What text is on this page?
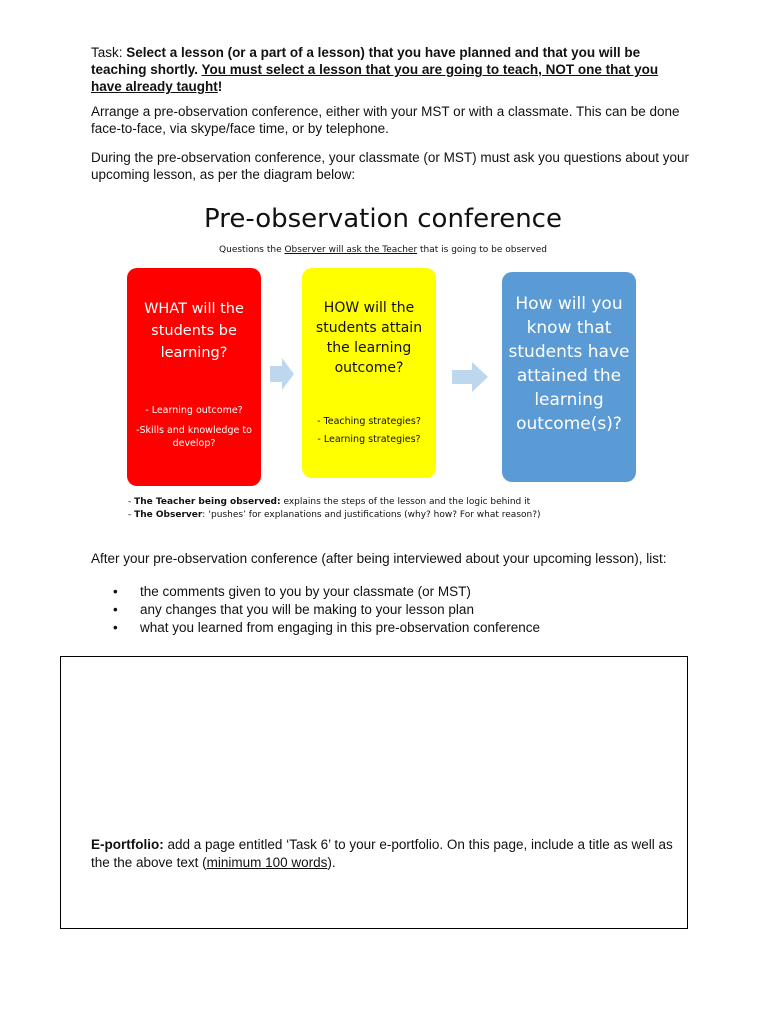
Task: Select a lesson (or a part of a lesson) that you have planned and that you will be teaching shortly. You must select a lesson that you are going to teach, NOT one that you have already taught!

Arrange a pre-observation conference, either with your MST or with a classmate. This can be done face-to-face, via skype/face time, or by telephone.

During the pre-observation conference, your classmate (or MST) must ask you questions about your upcoming lesson, as per the diagram below:

Pre-observation conference
Questions the Observer will ask the Teacher that is going to be observed
WHAT will the students be learning?
- Learning outcome?
-Skills and knowledge to develop?
HOW will the students attain the learning outcome?
- Teaching strategies?
- Learning strategies?
How will you know that students have attained the learning outcome(s)?
- The Teacher being observed: explains the steps of the lesson and the logic behind it
- The Observer: ‘pushes’ for explanations and justifications (why? how? For what reason?)

After your pre-observation conference (after being interviewed about your upcoming lesson), list:

• the comments given to you by your classmate (or MST)
• any changes that you will be making to your lesson plan
• what you learned from engaging in this pre-observation conference

E-portfolio: add a page entitled ‘Task 6’ to your e-portfolio. On this page, include a title as well as the the above text (minimum 100 words).
